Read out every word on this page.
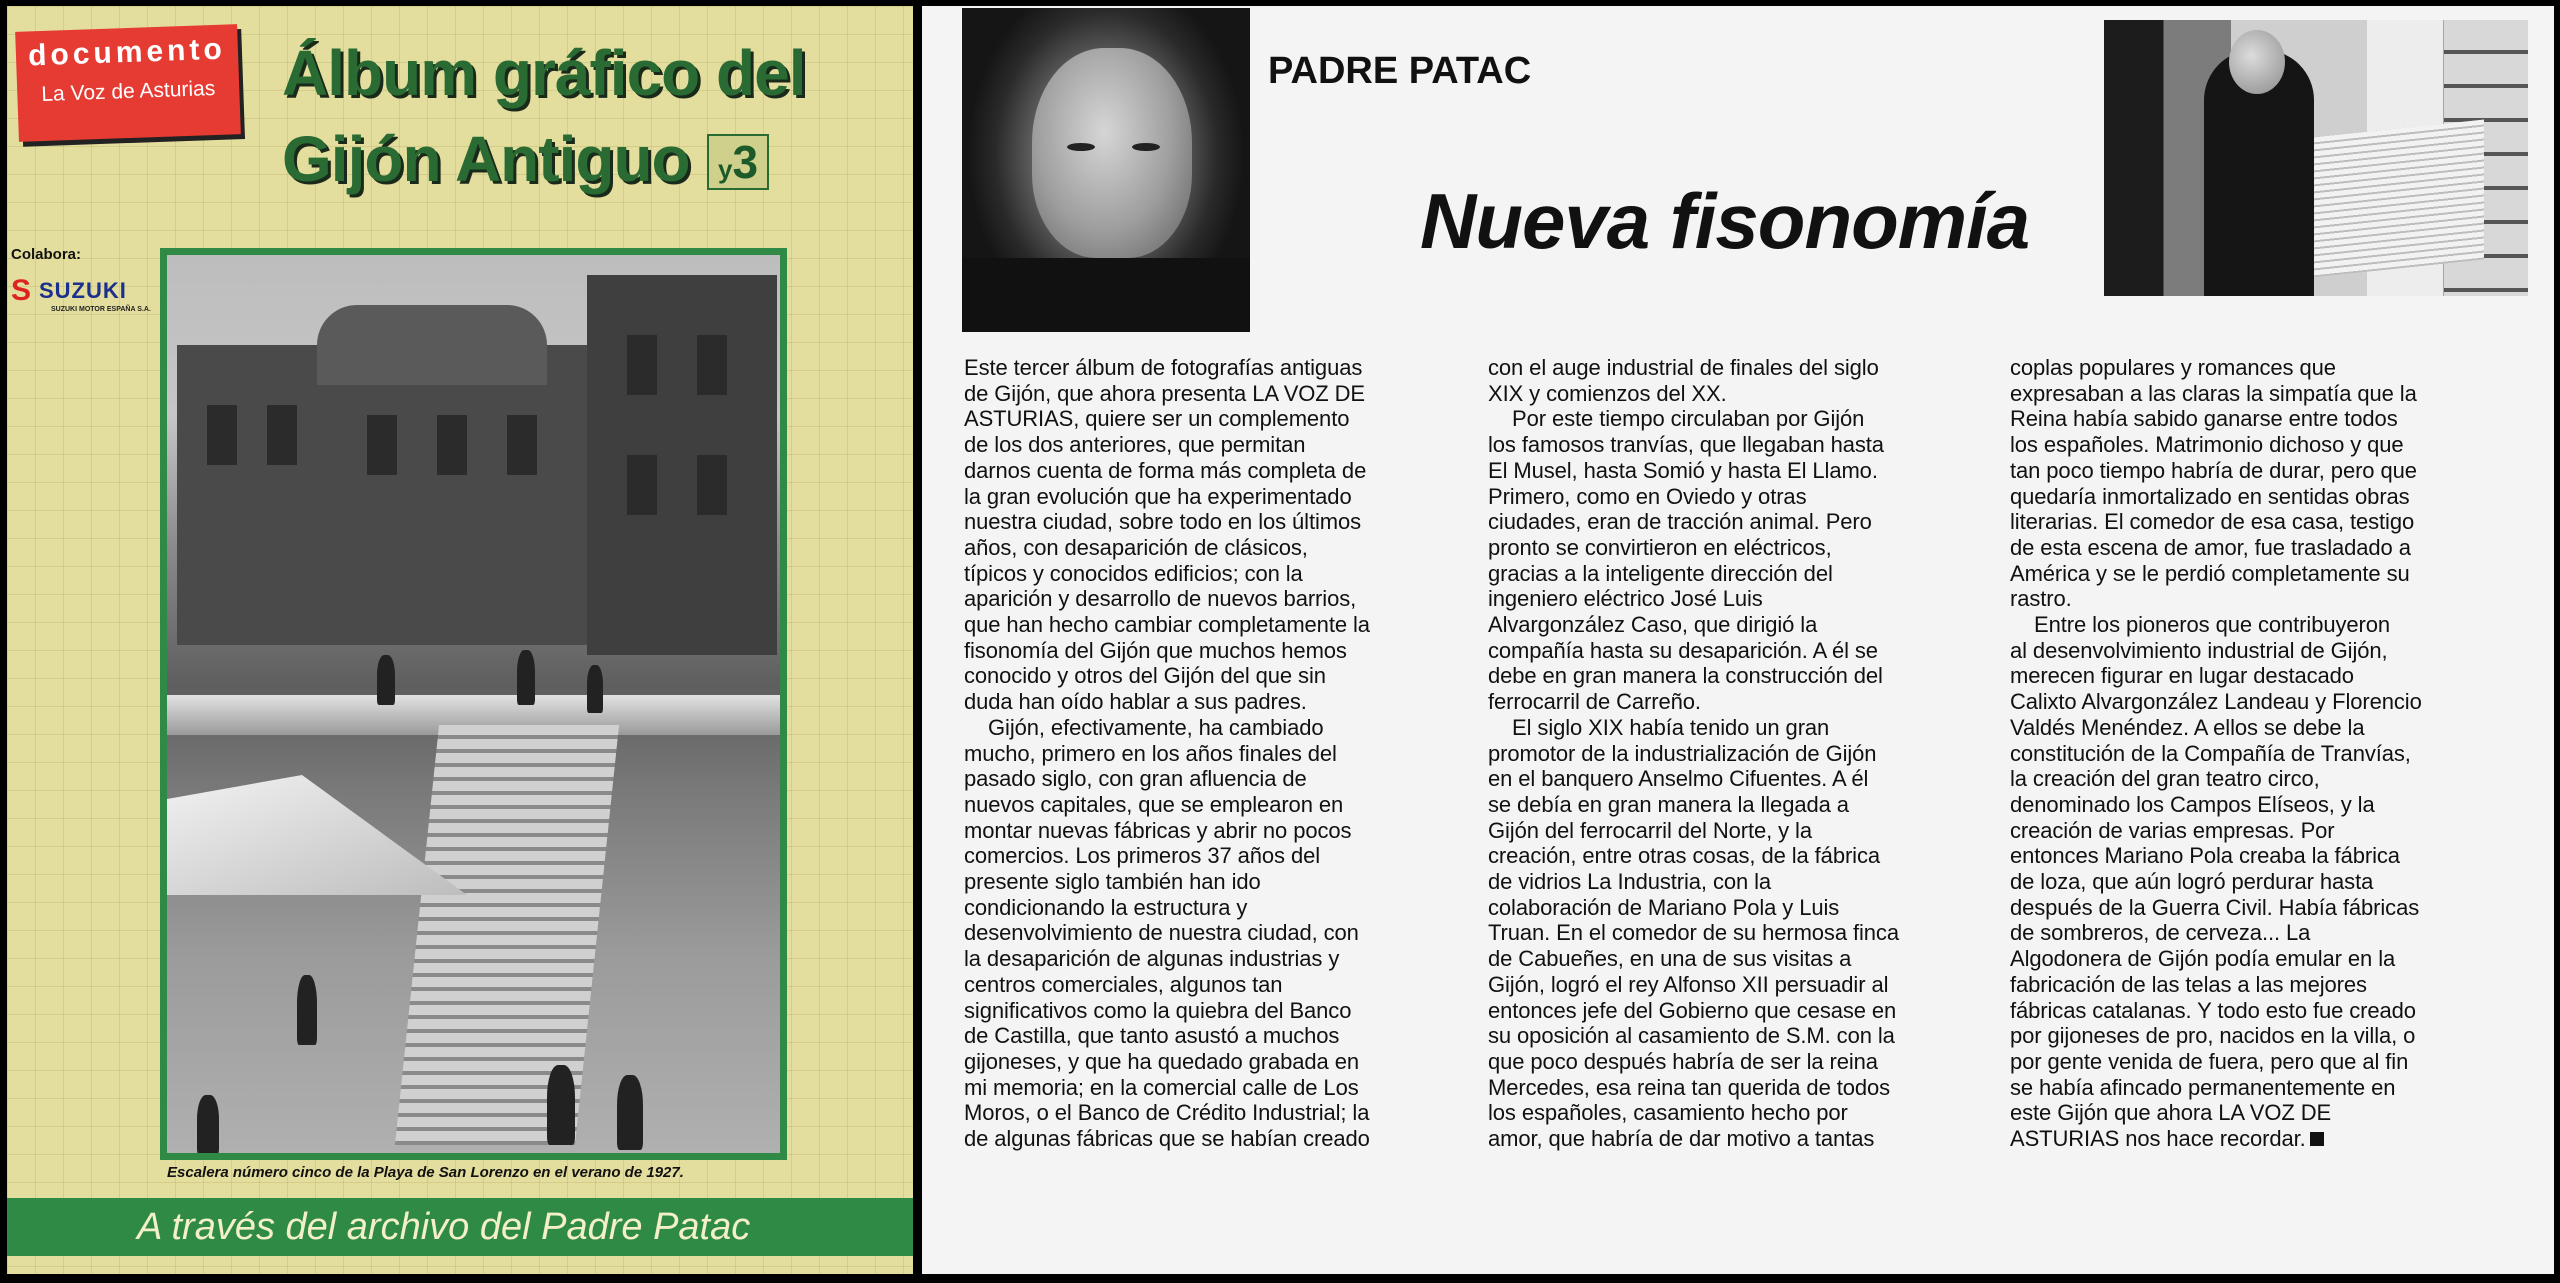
documento
La Voz de Asturias	Álbum gráfico del
Gijón Antiguo	y3
Colabora:
S SUZUKI
SUZUKI MOTOR ESPAÑA S.A.
Escalera número cinco de la Playa de San Lorenzo en el verano de 1927.
A través del archivo del Padre Patac
PADRE PATAC
Nueva fisonomía
Este tercer álbum de fotografías antiguas
de Gijón, que ahora presenta LA VOZ DE
ASTURIAS, quiere ser un complemento
de los dos anteriores, que permitan
darnos cuenta de forma más completa de
la gran evolución que ha experimentado
nuestra ciudad, sobre todo en los últimos
años, con desaparición de clásicos,
típicos y conocidos edificios; con la
aparición y desarrollo de nuevos barrios,
que han hecho cambiar completamente la
fisonomía del Gijón que muchos hemos
conocido y otros del Gijón del que sin
duda han oído hablar a sus padres.
Gijón, efectivamente, ha cambiado
mucho, primero en los años finales del
pasado siglo, con gran afluencia de
nuevos capitales, que se emplearon en
montar nuevas fábricas y abrir no pocos
comercios. Los primeros 37 años del
presente siglo también han ido
condicionando la estructura y
desenvolvimiento de nuestra ciudad, con
la desaparición de algunas industrias y
centros comerciales, algunos tan
significativos como la quiebra del Banco
de Castilla, que tanto asustó a muchos
gijoneses, y que ha quedado grabada en
mi memoria; en la comercial calle de Los
Moros, o el Banco de Crédito Industrial; la
de algunas fábricas que se habían creado
con el auge industrial de finales del siglo
XIX y comienzos del XX.
Por este tiempo circulaban por Gijón
los famosos tranvías, que llegaban hasta
El Musel, hasta Somió y hasta El Llamo.
Primero, como en Oviedo y otras
ciudades, eran de tracción animal. Pero
pronto se convirtieron en eléctricos,
gracias a la inteligente dirección del
ingeniero eléctrico José Luis
Alvargonzález Caso, que dirigió la
compañía hasta su desaparición. A él se
debe en gran manera la construcción del
ferrocarril de Carreño.
El siglo XIX había tenido un gran
promotor de la industrialización de Gijón
en el banquero Anselmo Cifuentes. A él
se debía en gran manera la llegada a
Gijón del ferrocarril del Norte, y la
creación, entre otras cosas, de la fábrica
de vidrios La Industria, con la
colaboración de Mariano Pola y Luis
Truan. En el comedor de su hermosa finca
de Cabueñes, en una de sus visitas a
Gijón, logró el rey Alfonso XII persuadir al
entonces jefe del Gobierno que cesase en
su oposición al casamiento de S.M. con la
que poco después habría de ser la reina
Mercedes, esa reina tan querida de todos
los españoles, casamiento hecho por
amor, que habría de dar motivo a tantas
coplas populares y romances que
expresaban a las claras la simpatía que la
Reina había sabido ganarse entre todos
los españoles. Matrimonio dichoso y que
tan poco tiempo habría de durar, pero que
quedaría inmortalizado en sentidas obras
literarias. El comedor de esa casa, testigo
de esta escena de amor, fue trasladado a
América y se le perdió completamente su
rastro.
Entre los pioneros que contribuyeron
al desenvolvimiento industrial de Gijón,
merecen figurar en lugar destacado
Calixto Alvargonzález Landeau y Florencio
Valdés Menéndez. A ellos se debe la
constitución de la Compañía de Tranvías,
la creación del gran teatro circo,
denominado los Campos Elíseos, y la
creación de varias empresas. Por
entonces Mariano Pola creaba la fábrica
de loza, que aún logró perdurar hasta
después de la Guerra Civil. Había fábricas
de sombreros, de cerveza... La
Algodonera de Gijón podía emular en la
fabricación de las telas a las mejores
fábricas catalanas. Y todo esto fue creado
por gijoneses de pro, nacidos en la villa, o
por gente venida de fuera, pero que al fin
se había afincado permanentemente en
este Gijón que ahora LA VOZ DE
ASTURIAS nos hace recordar.
